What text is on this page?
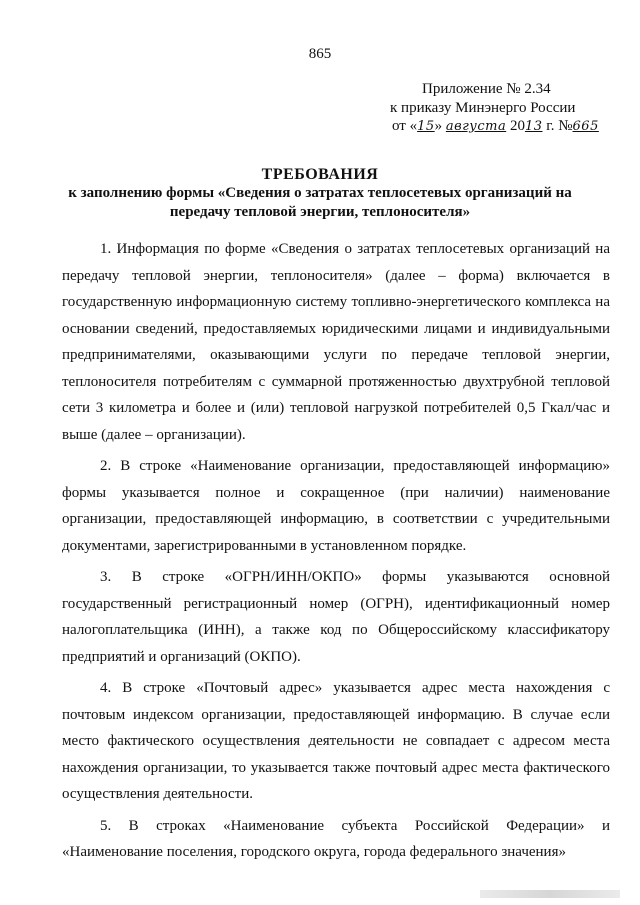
865
Приложение № 2.34
к приказу Минэнерго России
от «15» августа 2013 г. №665
ТРЕБОВАНИЯ
к заполнению формы «Сведения о затратах теплосетевых организаций на
передачу тепловой энергии, теплоносителя»

1. Информация по форме «Сведения о затратах теплосетевых организаций на передачу тепловой энергии, теплоносителя» (далее – форма) включается в государственную информационную систему топливно-энергетического комплекса на основании сведений, предоставляемых юридическими лицами и индивидуальными предпринимателями, оказывающими услуги по передаче тепловой энергии, теплоносителя потребителям с суммарной протяженностью двухтрубной тепловой сети 3 километра и более и (или) тепловой нагрузкой потребителей 0,5 Гкал/час и выше (далее – организации).

2. В строке «Наименование организации, предоставляющей информацию» формы указывается полное и сокращенное (при наличии) наименование организации, предоставляющей информацию, в соответствии с учредительными документами, зарегистрированными в установленном порядке.

3. В строке «ОГРН/ИНН/ОКПО» формы указываются основной государственный регистрационный номер (ОГРН), идентификационный номер налогоплательщика (ИНН), а также код по Общероссийскому классификатору предприятий и организаций (ОКПО).

4. В строке «Почтовый адрес» указывается адрес места нахождения с почтовым индексом организации, предоставляющей информацию. В случае если место фактического осуществления деятельности не совпадает с адресом места нахождения организации, то указывается также почтовый адрес места фактического осуществления деятельности.

5. В строках «Наименование субъекта Российской Федерации» и «Наименование поселения, городского округа, города федерального значения»
